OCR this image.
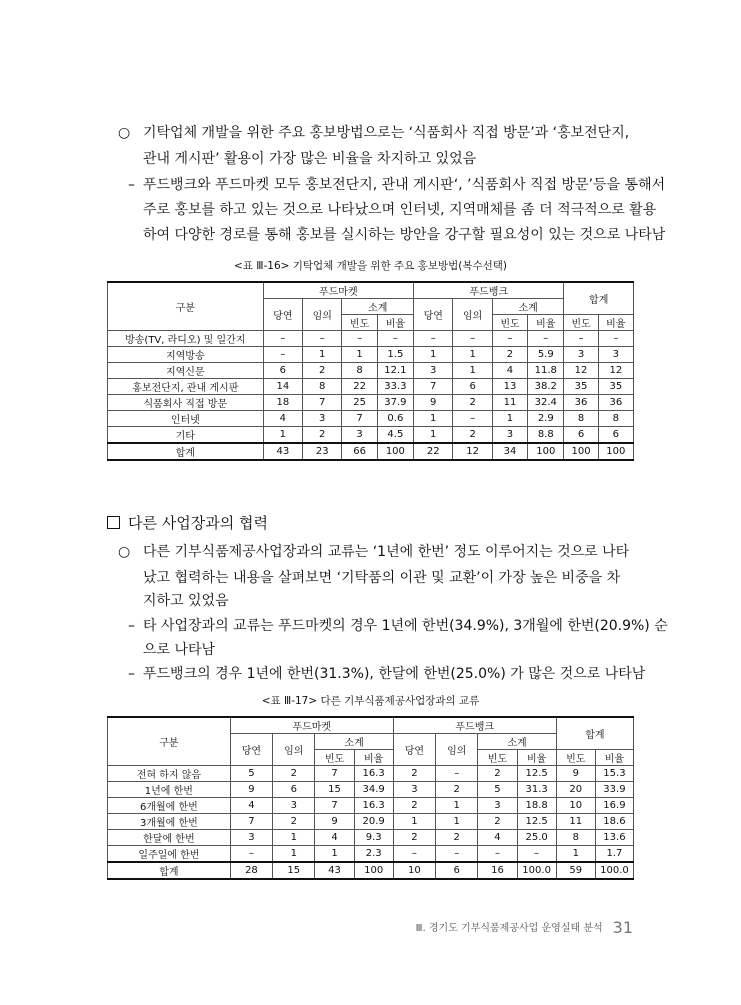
○ 기탁업체 개발을 위한 주요 홍보방법으로는 ‘식품회사 직접 방문’과 ‘홍보전단지,
관내 게시판’ 활용이 가장 많은 비율을 차지하고 있었음
– 푸드뱅크와 푸드마켓 모두 홍보전단지, 관내 게시판‘, ’식품회사 직접 방문’등을 통해서
주로 홍보를 하고 있는 것으로 나타났으며 인터넷, 지역매체를 좀 더 적극적으로 활용
하여 다양한 경로를 통해 홍보를 실시하는 방안을 강구할 필요성이 있는 것으로 나타남
<표 Ⅲ-16> 기탁업체 개발을 위한 주요 홍보방법(복수선택)
구분	푸드마켓				푸드뱅크				합계	
	당연	임의	소계		당연	임의	소계			
			빈도	비율			빈도	비율	빈도	비율
방송(TV, 라디오) 및 일간지	–	–	–	–	–	–	–	–	–	–
지역방송	–	1	1	1.5	1	1	2	5.9	3	3
지역신문	6	2	8	12.1	3	1	4	11.8	12	12
홍보전단지, 관내 게시판	14	8	22	33.3	7	6	13	38.2	35	35
식품회사 직접 방문	18	7	25	37.9	9	2	11	32.4	36	36
인터넷	4	3	7	0.6	1	–	1	2.9	8	8
기타	1	2	3	4.5	1	2	3	8.8	6	6
합계	43	23	66	100	22	12	34	100	100	100
다른 사업장과의 협력
○ 다른 기부식품제공사업장과의 교류는 ‘1년에 한번’ 정도 이루어지는 것으로 나타
났고 협력하는 내용을 살펴보면 ‘기탁품의 이관 및 교환’이 가장 높은 비중을 차
지하고 있었음
– 타 사업장과의 교류는 푸드마켓의 경우 1년에 한번(34.9%), 3개월에 한번(20.9%) 순
으로 나타남
– 푸드뱅크의 경우 1년에 한번(31.3%), 한달에 한번(25.0%) 가 많은 것으로 나타남
<표 Ⅲ-17> 다른 기부식품제공사업장과의 교류
구분	푸드마켓				푸드뱅크				합계	
	당연	임의	소계		당연	임의	소계			
			빈도	비율			빈도	비율	빈도	비율
전혀 하지 않음	5	2	7	16.3	2	–	2	12.5	9	15.3
1년에 한번	9	6	15	34.9	3	2	5	31.3	20	33.9
6개월에 한번	4	3	7	16.3	2	1	3	18.8	10	16.9
3개월에 한번	7	2	9	20.9	1	1	2	12.5	11	18.6
한달에 한번	3	1	4	9.3	2	2	4	25.0	8	13.6
일주일에 한번	–	1	1	2.3	–	–	–	–	1	1.7
합계	28	15	43	100	10	6	16	100.0	59	100.0
Ⅲ. 경기도 기부식품제공사업 운영실태 분석 31
